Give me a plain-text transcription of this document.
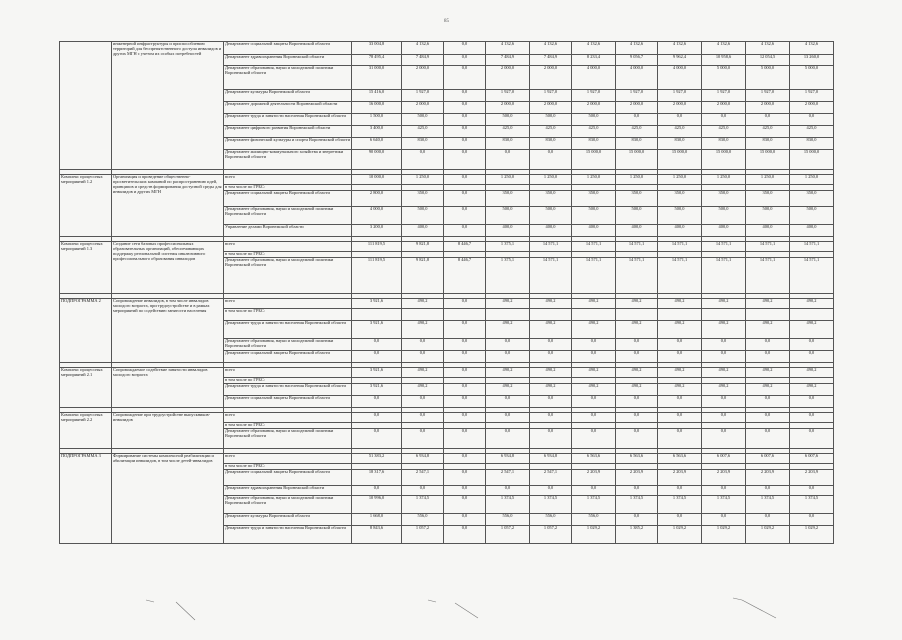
85
	инженерной инфраструктуры и приспособлению территорий для беспрепятственного доступа инвалидов и других МГН с учетом их особых потребностей	Департамент социальной защиты Воронежской области	33 004,8	4 132,6	0,0	4 132,6	4 132,6	4 132,6	4 132,6	4 132,6	4 132,6	4 132,6	4 132,6
		Департамент здравоохранения Воронежской области	78 495,4	7 484,9	0,0	7 484,9	7 484,9	8 233,4	9 056,7	9 962,4	10 958,6	12 054,5	13 260,0
		Департамент образования, науки и молодежной политики Воронежской области	31 000,0	2 000,0	0,0	2 000,0	2 000,0	4 000,0	4 000,0	4 000,0	5 000,0	5 000,0	5 000,0
		Департамент культуры Воронежской области	15 416,0	1 927,0	0,0	1 927,0	1 927,0	1 927,0	1 927,0	1 927,0	1 927,0	1 927,0	1 927,0
		Департамент дорожной деятельности Воронежской области	16 000,0	2 000,0	0,0	2 000,0	2 000,0	2 000,0	2 000,0	2 000,0	2 000,0	2 000,0	2 000,0
		Департамент труда и занятости населения Воронежской области	1 500,0	500,0	0,0	500,0	500,0	500,0	0,0	0,0	0,0	0,0	0,0
		Департамент цифрового развития Воронежской области	3 400,0	425,0	0,0	425,0	425,0	425,0	425,0	425,0	425,0	425,0	425,0
		Департамент физической культуры и спорта Воронежской области	6 640,0	830,0	0,0	830,0	830,0	830,0	830,0	830,0	830,0	830,0	830,0
		Департамент жилищно-коммунального хозяйства и энергетики Воронежской области	90 000,0	0,0	0,0	0,0	0,0	15 000,0	15 000,0	15 000,0	15 000,0	15 000,0	15 000,0

Комплекс процессных мероприятий 1.2	Организация и проведение общественно-просветительских кампаний по распространению идей, принципов и средств формирования доступной среды для инвалидов и других МГН	всего	10 000,0	1 250,0	0,0	1 250,0	1 250,0	1 250,0	1 250,0	1 250,0	1 250,0	1 250,0	1 250,0
		в том числе по ГРБС:											
		Департамент социальной защиты Воронежской области	2 800,0	350,0	0,0	350,0	350,0	350,0	350,0	350,0	350,0	350,0	350,0
		Департамент образования, науки и молодежной политики Воронежской области	4 000,0	500,0	0,0	500,0	500,0	500,0	500,0	500,0	500,0	500,0	500,0
		Управление делами Воронежской области	3 200,0	400,0	0,0	400,0	400,0	400,0	400,0	400,0	400,0	400,0	400,0

Комплекс процессных мероприятий 1.3	Создание сети базовых профессиональных образовательных организаций, обеспечивающих поддержку региональной системы инклюзивного профессионального образования инвалидов	всего	111 819,5	9 821,8	8 446,7	1 375,1	14 571,1	14 571,1	14 571,1	14 571,1	14 571,1	14 571,1	14 571,1
		в том числе по ГРБС:											
		Департамент образования, науки и молодежной политики Воронежской области	111 819,5	9 821,8	8 446,7	1 375,1	14 571,1	14 571,1	14 571,1	14 571,1	14 571,1	14 571,1	14 571,1

ПОДПРОГРАММА 2	Сопровождение инвалидов, в том числе инвалидов молодого возраста, при трудоустройстве и в рамках мероприятий по содействию занятости населения	всего	3 921,6	490,2	0,0	490,2	490,2	490,2	490,2	490,2	490,2	490,2	490,2
		в том числе по ГРБС:											
		Департамент труда и занятости населения Воронежской области	3 921,6	490,2	0,0	490,2	490,2	490,2	490,2	490,2	490,2	490,2	490,2
		Департамент образования, науки и молодежной политики Воронежской области	0,0	0,0	0,0	0,0	0,0	0,0	0,0	0,0	0,0	0,0	0,0
		Департамент социальной защиты Воронежской области	0,0	0,0	0,0	0,0	0,0	0,0	0,0	0,0	0,0	0,0	0,0

Комплекс процессных мероприятий 2.1	Сопровождаемое содействие занятости инвалидов молодого возраста	всего	3 921,6	490,2	0,0	490,2	490,2	490,2	490,2	490,2	490,2	490,2	490,2
		в том числе по ГРБС:											
		Департамент труда и занятости населения Воронежской области	3 921,6	490,2	0,0	490,2	490,2	490,2	490,2	490,2	490,2	490,2	490,2
		Департамент социальной защиты Воронежской области	0,0	0,0	0,0	0,0	0,0	0,0	0,0	0,0	0,0	0,0	0,0

Комплекс процессных мероприятий 2.2	Сопровождение при трудоустройстве выпускников-инвалидов	всего	0,0	0,0	0,0	0,0	0,0	0,0	0,0	0,0	0,0	0,0	0,0
		в том числе по ГРБС:											
		Департамент образования, науки и молодежной политики Воронежской области	0,0	0,0	0,0	0,0	0,0	0,0	0,0	0,0	0,0	0,0	0,0

ПОДПРОГРАММА 3	Формирование системы комплексной реабилитации и абилитации инвалидов, в том числе детей-инвалидов	всего	51 383,2	6 934,8	0,0	6 934,8	6 934,8	6 563,6	6 563,6	6 563,6	6 007,6	6 007,6	6 007,6
		в том числе по ГРБС:											
		Департамент социальной защиты Воронежской области	18 317,6	2 547,1	0,0	2 547,1	2 547,1	2 203,9	2 203,9	2 203,9	2 203,9	2 203,9	2 203,9
		Департамент здравоохранения Воронежской области	0,0	0,0	0,0	0,0	0,0	0,0	0,0	0,0	0,0	0,0	0,0
		Департамент образования, науки и молодежной политики Воронежской области	10 996,0	1 374,5	0,0	1 374,5	1 374,5	1 374,5	1 374,5	1 374,5	1 374,5	1 374,5	1 374,5
		Департамент культуры Воронежской области	1 668,0	556,0	0,0	556,0	556,0	556,0	0,0	0,0	0,0	0,0	0,0
		Департамент труда и занятости населения Воронежской области	8 843,6	1 057,2	0,0	1 057,2	1 057,2	1 029,2	1 385,2	1 029,2	1 029,2	1 029,2	1 029,2
